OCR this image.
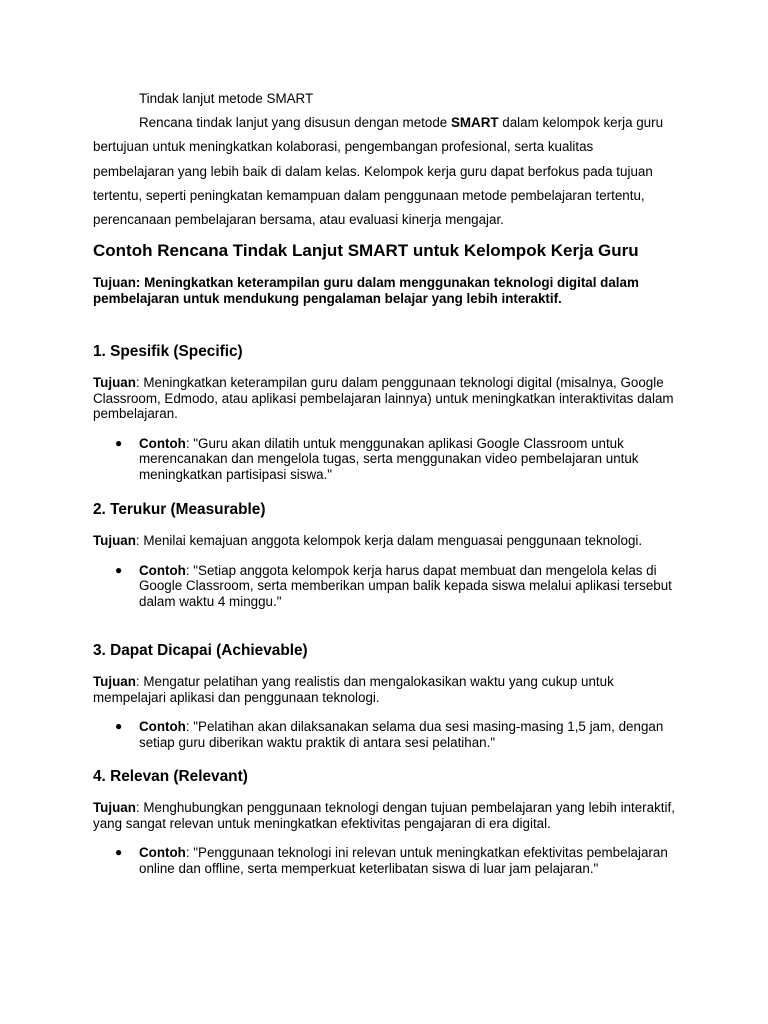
Tindak lanjut metode SMART

Rencana tindak lanjut yang disusun dengan metode SMART dalam kelompok kerja guru bertujuan untuk meningkatkan kolaborasi, pengembangan profesional, serta kualitas pembelajaran yang lebih baik di dalam kelas. Kelompok kerja guru dapat berfokus pada tujuan tertentu, seperti peningkatan kemampuan dalam penggunaan metode pembelajaran tertentu, perencanaan pembelajaran bersama, atau evaluasi kinerja mengajar.

Contoh Rencana Tindak Lanjut SMART untuk Kelompok Kerja Guru

Tujuan: Meningkatkan keterampilan guru dalam menggunakan teknologi digital dalam pembelajaran untuk mendukung pengalaman belajar yang lebih interaktif.

1. Spesifik (Specific)

Tujuan: Meningkatkan keterampilan guru dalam penggunaan teknologi digital (misalnya, Google Classroom, Edmodo, atau aplikasi pembelajaran lainnya) untuk meningkatkan interaktivitas dalam pembelajaran.

● Contoh: "Guru akan dilatih untuk menggunakan aplikasi Google Classroom untuk merencanakan dan mengelola tugas, serta menggunakan video pembelajaran untuk meningkatkan partisipasi siswa."

2. Terukur (Measurable)

Tujuan: Menilai kemajuan anggota kelompok kerja dalam menguasai penggunaan teknologi.

● Contoh: "Setiap anggota kelompok kerja harus dapat membuat dan mengelola kelas di Google Classroom, serta memberikan umpan balik kepada siswa melalui aplikasi tersebut dalam waktu 4 minggu."

3. Dapat Dicapai (Achievable)

Tujuan: Mengatur pelatihan yang realistis dan mengalokasikan waktu yang cukup untuk mempelajari aplikasi dan penggunaan teknologi.

● Contoh: "Pelatihan akan dilaksanakan selama dua sesi masing-masing 1,5 jam, dengan setiap guru diberikan waktu praktik di antara sesi pelatihan."

4. Relevan (Relevant)

Tujuan: Menghubungkan penggunaan teknologi dengan tujuan pembelajaran yang lebih interaktif, yang sangat relevan untuk meningkatkan efektivitas pengajaran di era digital.

● Contoh: "Penggunaan teknologi ini relevan untuk meningkatkan efektivitas pembelajaran online dan offline, serta memperkuat keterlibatan siswa di luar jam pelajaran."
